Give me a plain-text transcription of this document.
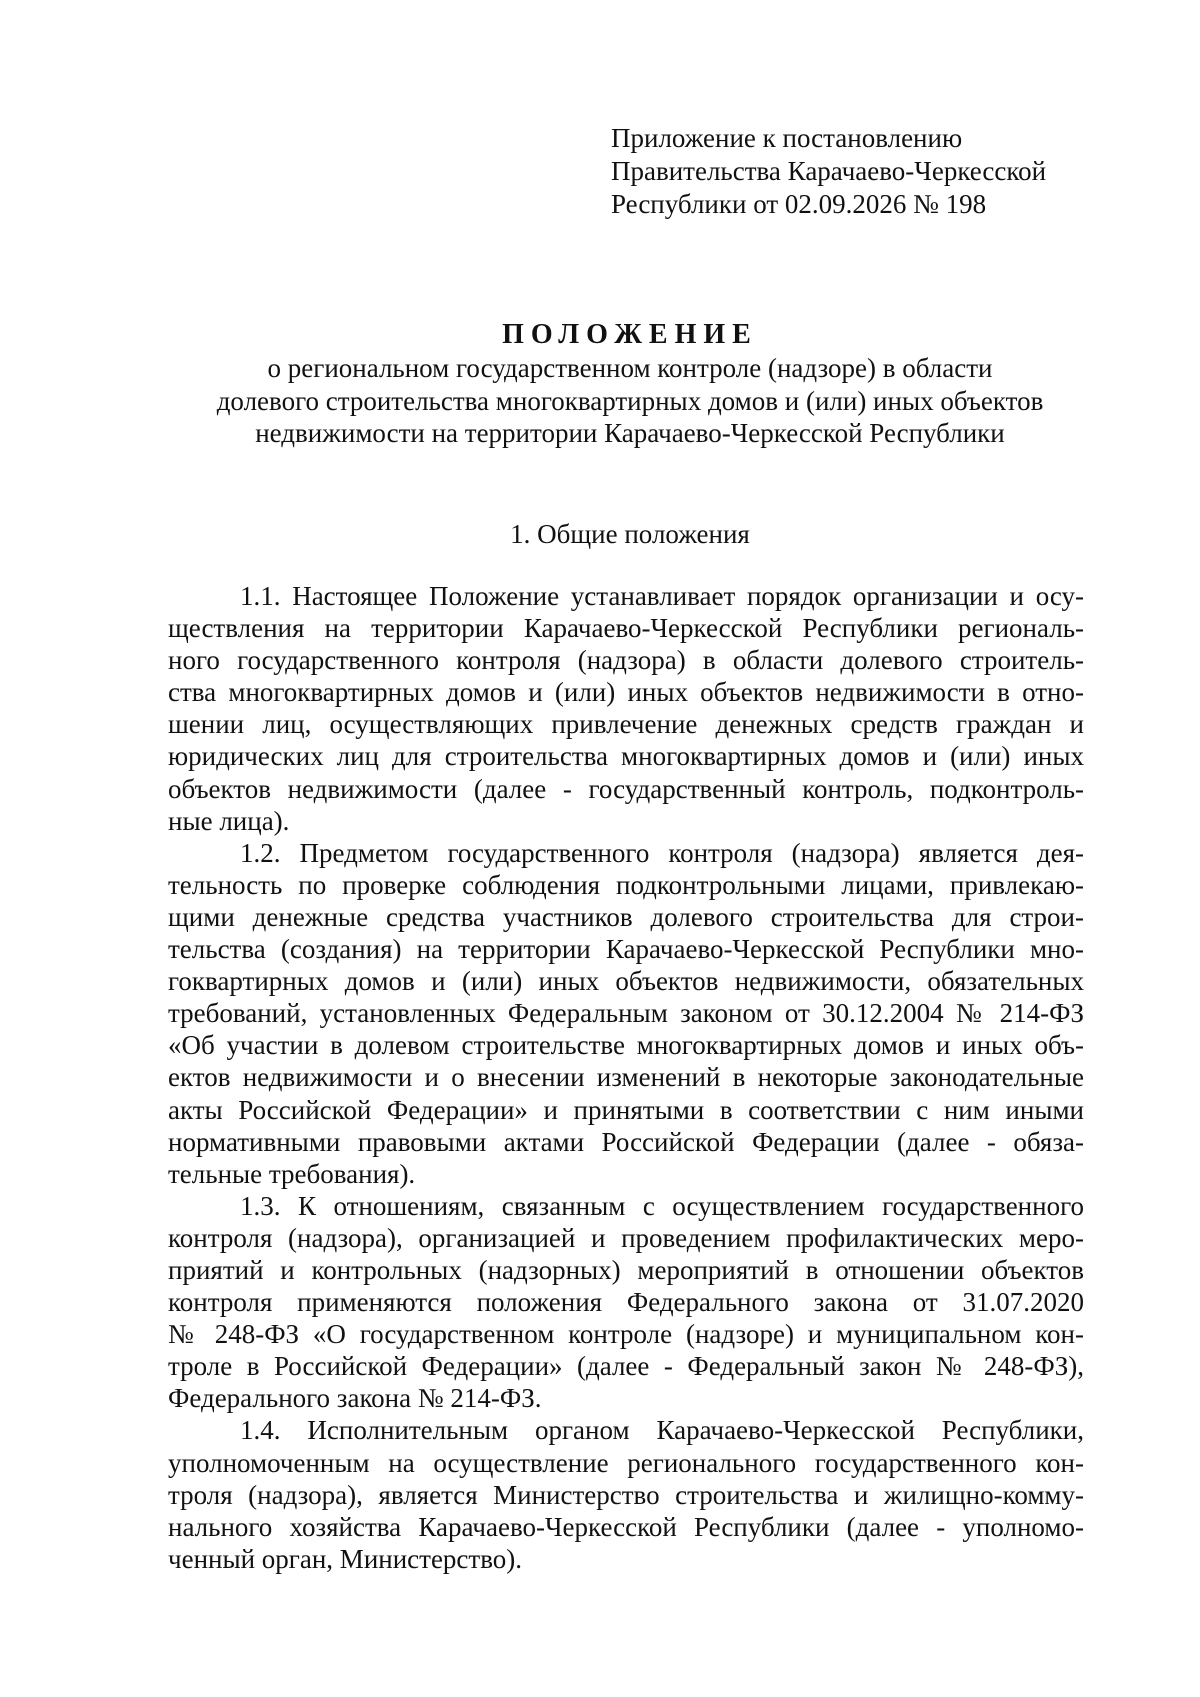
Приложение к постановлению
Правительства Карачаево-Черкесской
Республики от 02.09.2026 № 198
ПОЛОЖЕНИЕ
о региональном государственном контроле (надзоре) в области
долевого строительства многоквартирных домов и (или) иных объектов
недвижимости на территории Карачаево-Черкесской Республики
1. Общие положения
1.1. Настоящее Положение устанавливает порядок организации и осу-
ществления на территории Карачаево-Черкесской Республики региональ-
ного государственного контроля (надзора) в области долевого строитель-
ства многоквартирных домов и (или) иных объектов недвижимости в отно-
шении лиц, осуществляющих привлечение денежных средств граждан и
юридических лиц для строительства многоквартирных домов и (или) иных
объектов недвижимости (далее - государственный контроль, подконтроль-
ные лица).
1.2. Предметом государственного контроля (надзора) является дея-
тельность по проверке соблюдения подконтрольными лицами, привлекаю-
щими денежные средства участников долевого строительства для строи-
тельства (создания) на территории Карачаево-Черкесской Республики мно-
гоквартирных домов и (или) иных объектов недвижимости, обязательных
требований, установленных Федеральным законом от 30.12.2004 № 214-ФЗ
«Об участии в долевом строительстве многоквартирных домов и иных объ-
ектов недвижимости и о внесении изменений в некоторые законодательные
акты Российской Федерации» и принятыми в соответствии с ним иными
нормативными правовыми актами Российской Федерации (далее - обяза-
тельные требования).
1.3. К отношениям, связанным с осуществлением государственного
контроля (надзора), организацией и проведением профилактических меро-
приятий и контрольных (надзорных) мероприятий в отношении объектов
контроля применяются положения Федерального закона от 31.07.2020
№ 248-ФЗ «О государственном контроле (надзоре) и муниципальном кон-
троле в Российской Федерации» (далее - Федеральный закон № 248-ФЗ),
Федерального закона № 214-ФЗ.
1.4. Исполнительным органом Карачаево-Черкесской Республики,
уполномоченным на осуществление регионального государственного кон-
троля (надзора), является Министерство строительства и жилищно-комму-
нального хозяйства Карачаево-Черкесской Республики (далее - уполномо-
ченный орган, Министерство).
